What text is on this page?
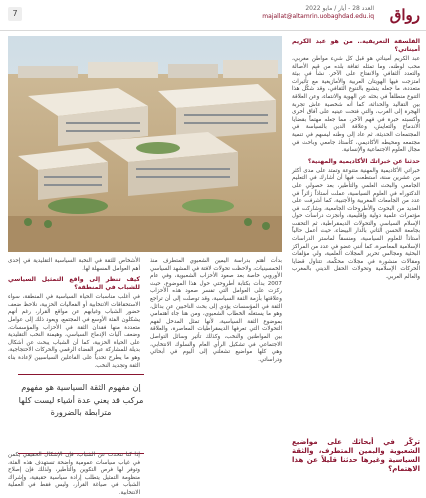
رواق
العدد 28 - أيار / مايو 2022
majallat@altamrin.uobaghdad.edu.iq
7
الفلسفة التعريفية.. من هو عبد الكريم أميناتي؟

عبد الكريم أميناتي هو قبل كل شيء مواطن مغربي، محب لوطنه، وما تمثله ثقافة بلده من قيم الأصالة والتعدد الثقافي والانفتاح على الآخر. نشأ في بيئة امتزجت فيها الهويتان العربية والأمازيغية مع تأثيرات متعددة، ما جعله يتشبع بالتنوع الثقافي، وقد شكّل هذا التنوع منطلقاً في بحثه عن الهوية والانتماء، وعن العلاقة بين التقاليد والحداثة، كما أنه شخصية عاش تجربة الهجرة إلى الغرب، والتي فتحت عينيه على آفاق أخرى وأكسبته خبرة في فهم الآخر، مما جعله مهتماً بقضايا الاندماج والتعايش، وعلاقة الدين بالسياسة في المجتمعات الحديثة، ثم عاد إلى وطنه ليسهم في تنمية مجتمعه ومحيطه الأكاديمي، كأستاذ جامعي وباحث في مجال العلوم الاجتماعية والإنسانية.

حدثنا عن خبراتك الأكاديمية والمهنية؟

خبراتي الأكاديمية والمهنية متنوعة وتمتد على مدى أكثر من عشرين سنة، استطعت فيها أن أشارك في التعليم الجامعي والبحث العلمي والتأطير، بعد حصولي على الدكتوراه في العلوم السياسية، عملت أستاذاً زائراً في عدد من الجامعات المغربية والأجنبية، كما أشرفت على العديد من البحوث والأطروحات الجامعية، وشاركت في مؤتمرات علمية دولية وإقليمية، وأنجزت دراسات حول الإسلام السياسي والتحولات الديمقراطية، ثم التحقت بجامعة الحسن الثاني بالدار البيضاء، حيث أعمل حالياً أستاذاً للعلوم السياسية، ومنسقاً لماستر الدراسات الإسلامية المعاصرة، كما أنني عضو في عدد من المراكز البحثية ومجالس تحرير المجلات العلمية، ولي مؤلفات ومقالات منشورة في مجلات محكّمة، تتناول قضايا الحركات الإسلامية وتحولات الحقل الديني بالمغرب والعالم العربي.

تركّز في أبحاثك على مواضيع الشعبوية والبمين المتطرف، والثقة السياسية وغيرها حدثنا قليلاً عن هذا الاهتمام؟

بدأت أهتم بدراسة اليمين الشعبوي المتطرف منذ الخمسينيات، ولاحظت تحولات لافتة في المشهد السياسي الأوروبي خاصة بعد صعود الأحزاب الشعبوية، وفي عام 2007 بدأت بكتابة أطروحتي حول هذا الموضوع، حيث ركزت على العوامل التي تفسر صعود هذه الأحزاب وعلاقتها بأزمة الثقة السياسية، وقد توصلت إلى أن تراجع الثقة في المؤسسات يؤدي إلى بحث الناخبين عن بدائل، وهو ما يستغله الخطاب الشعبوي، ومن هنا جاء اهتمامي بموضوع الثقة السياسية، لأنها تمثل المدخل لفهم التحولات التي تعرفها الديمقراطيات المعاصرة، والعلاقة بين المواطنين والنخب، وكذلك تأثير وسائل التواصل الاجتماعي في تشكيل الرأي العام والسلوك الانتخابي، وهي كلها مواضيع تشغلني إلى اليوم في أبحاثي ودراساتي.

الأشخاص للثقة في النخبة السياسية التقليدية في إحدى أهم العوامل المسهلة لها.

كيف تنظر إلى واقع التمثيل السياسي للشباب في المنطقة؟

في أغلب مناسبات الحياة السياسية في المنطقة، سواء الاستحقاقات الانتخابية أو الفعاليات الحزبية، نلاحظ ضعف حضور الشباب وغيابهم عن مواقع القرار، رغم أنهم يشكلون الفئة الأوسع في المجتمع، ويعود ذلك إلى عوامل متعددة منها فقدان الثقة في الأحزاب والمؤسسات، وضعف آليات الإدماج السياسي، وهيمنة النخب التقليدية على الحياة الحزبية، كما أن الشباب يبحث عن أشكال بديلة للمشاركة عبر الفضاء الرقمي والحركات الاحتجاجية، وهو ما يطرح تحدياً على الفاعلين السياسيين لإعادة بناء الثقة وتجديد النخب.

إن مفهوم الثقة السياسية هو مفهوم مركب قد يعني عدة أشياء ليست كلها مترابطة بالضرورة

إذا كنا نتحدث عن الشباب، فإن الإشكال الحقيقي يكمن في غياب سياسات عمومية واضحة تستهدف هذه الفئة، وتوفر لها فرص التكوين والتأطير، ولذلك فإن إصلاح منظومة التمثيل يتطلب إرادة سياسية حقيقية، وإشراك الشباب في صياغة القرار، وليس فقط في العملية الانتخابية.
